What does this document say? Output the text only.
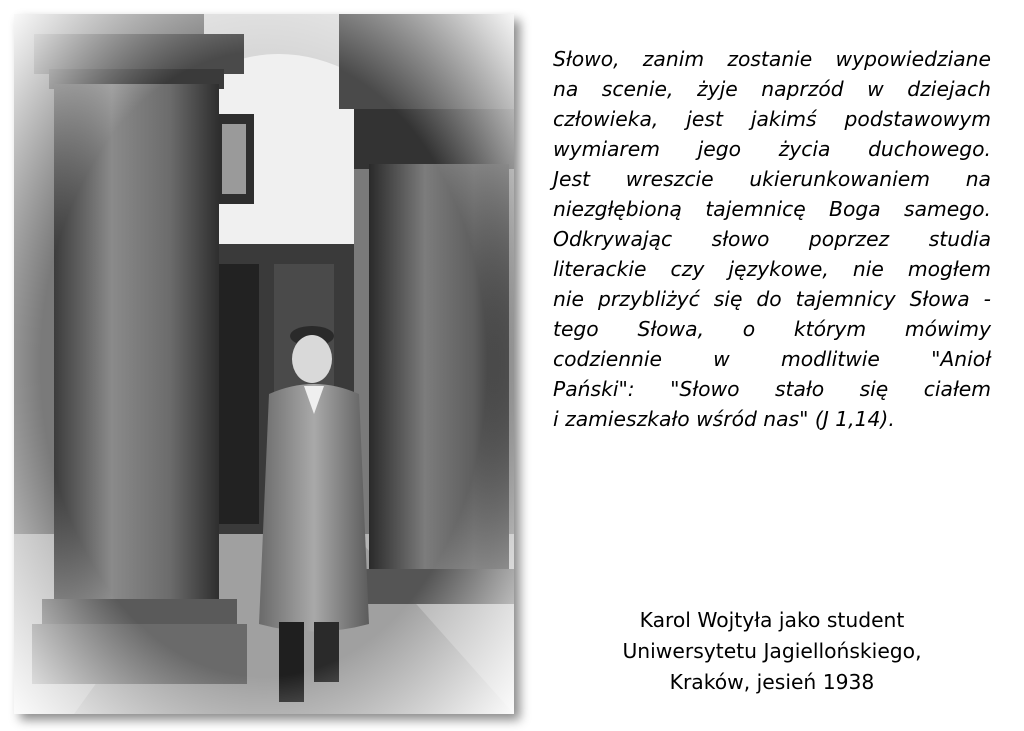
Słowo, zanim zostanie wypowiedziane
na scenie, żyje naprzód w dziejach
człowieka, jest jakimś podstawowym
wymiarem jego życia duchowego.
Jest wreszcie ukierunkowaniem na
niezgłębioną tajemnicę Boga samego.
Odkrywając słowo poprzez studia
literackie czy językowe, nie mogłem
nie przybliżyć się do tajemnicy Słowa -
tego Słowa, o którym mówimy
codziennie w modlitwie "Anioł
Pański": "Słowo stało się ciałem
i zamieszkało wśród nas" (J 1,14).
Karol Wojtyła jako student
Uniwersytetu Jagiellońskiego,
Kraków, jesień 1938
